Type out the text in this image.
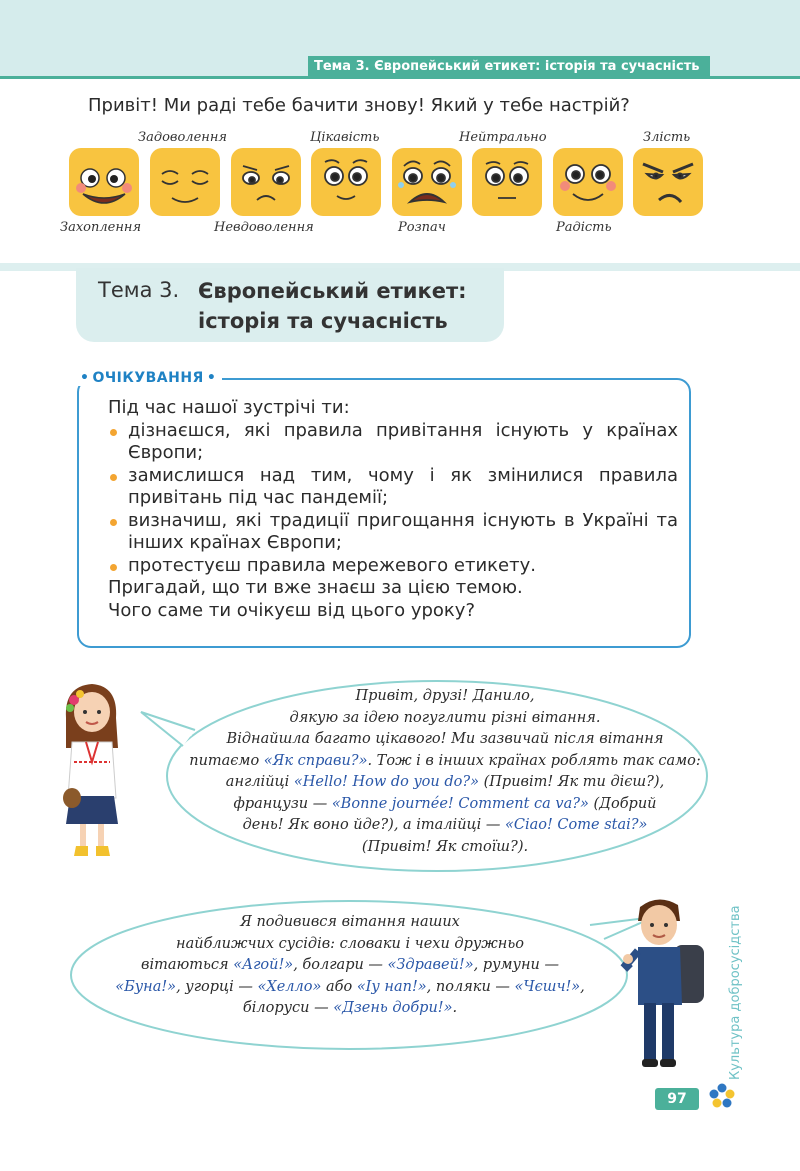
Тема 3. Європейський етикет: історія та сучасність
Привіт! Ми раді тебе бачити знову! Який у тебе настрій?
Задоволення	Цікавість	Нейтрально	Злість
Захоплення	Невдоволення	Розпач	Радість
Тема 3. Європейський етикет:
історія та сучасність
• ОЧІКУВАННЯ •
Під час нашої зустрічі ти:
дізнаєшся, які правила привітання існують у країнах Європи;
замислишся над тим, чому і як змінилися правила привітань під час пандемії;
визначиш, які традиції пригощання існують в Україні та інших країнах Європи;
протестуєш правила мережевого етикету.
Пригадай, що ти вже знаєш за цією темою.
Чого саме ти очікуєш від цього уроку?
Привіт, друзі! Данило,
дякую за ідею погуглити різні вітання.
Віднайшла багато цікавого! Ми зазвичай після вітання
питаємо «Як справи?». Тож і в інших країнах роблять так само:
англійці «Hello! How do you do?» (Привіт! Як ти дієш?),
французи — «Bonne journée! Comment ca va?» (Добрий
день! Як воно йде?), а італійці — «Ciao! Come stai?»
(Привіт! Як стоїш?).
Я подивився вітання наших
найближчих сусідів: словаки і чехи дружньо
вітаються «Агой!», болгари — «Здравей!», румуни —
«Буна!», угорці — «Хелло» або «Іу нап!», поляки — «Чєшч!»,
білоруси — «Дзень добри!».	Культура добросусідства
97
